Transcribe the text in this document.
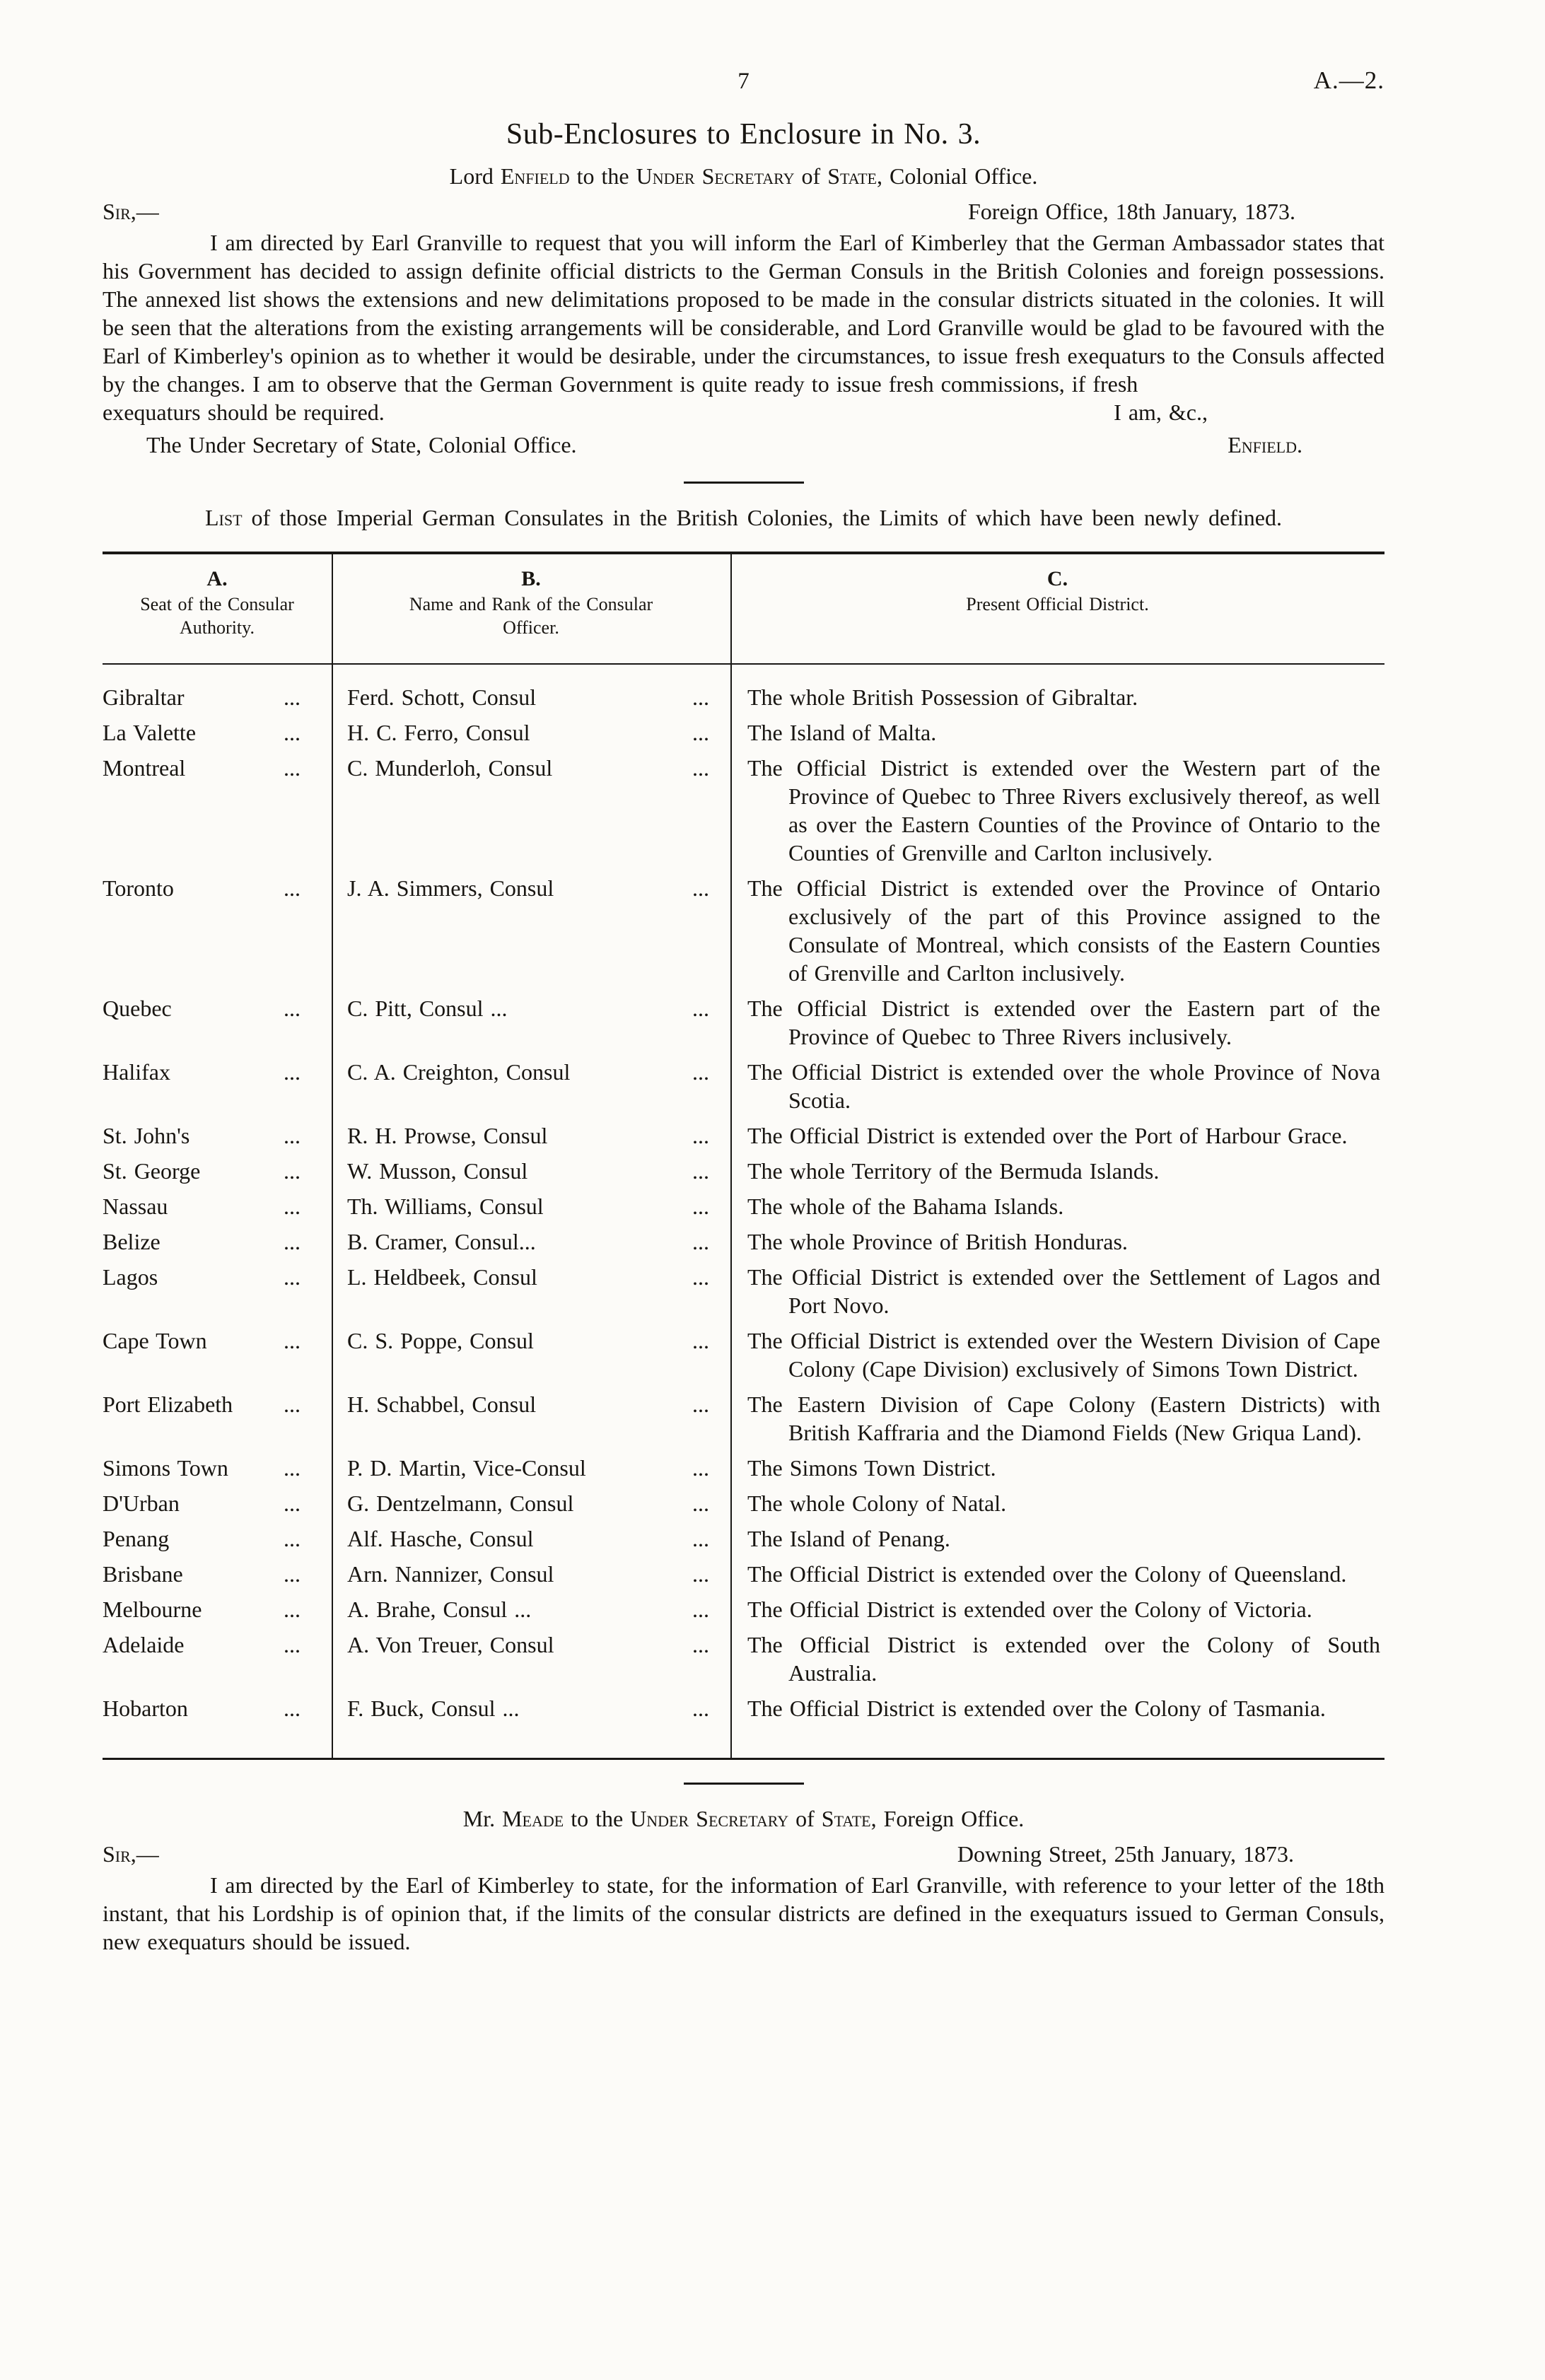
7	A.—2.
Sub-Enclosures to Enclosure in No. 3.
Lord Enfield to the Under Secretary of State, Colonial Office.
Sir,—	Foreign Office, 18th January, 1873.

I am directed by Earl Granville to request that you will inform the Earl of Kimberley that the German Ambassador states that his Government has decided to assign definite official districts to the German Consuls in the British Colonies and foreign possessions. The annexed list shows the extensions and new delimitations proposed to be made in the consular districts situated in the colonies. It will be seen that the alterations from the existing arrangements will be considerable, and Lord Granville would be glad to be favoured with the Earl of Kimberley's opinion as to whether it would be desirable, under the circumstances, to issue fresh exequaturs to the Consuls affected by the changes. I am to observe that the German Government is quite ready to issue fresh commissions, if fresh

exequaturs should be required.	I am, &c.,
The Under Secretary of State, Colonial Office.	Enfield.
List of those Imperial German Consulates in the British Colonies, the Limits of which have been newly defined.
A.
Seat of the Consular Authority.
B.
Name and Rank of the Consular Officer.
C.
Present Official District.
Gibraltar	... Ferd. Schott, Consul	...	The whole British Possession of Gibraltar.
La Valette	... H. C. Ferro, Consul	...	The Island of Malta.
Montreal	... C. Munderloh, Consul	...	The Official District is extended over the Western part of the Province of Quebec to Three Rivers exclusively thereof, as well as over the Eastern Counties of the Province of Ontario to the Counties of Grenville and Carlton inclusively.
Toronto	... J. A. Simmers, Consul	...	The Official District is extended over the Province of Ontario exclusively of the part of this Province assigned to the Consulate of Montreal, which consists of the Eastern Counties of Grenville and Carlton inclusively.
Quebec	... C. Pitt, Consul ...	...	The Official District is extended over the Eastern part of the Province of Quebec to Three Rivers inclusively.
Halifax	... C. A. Creighton, Consul	...	The Official District is extended over the whole Province of Nova Scotia.
St. John's	... R. H. Prowse, Consul	...	The Official District is extended over the Port of Harbour Grace.
St. George	... W. Musson, Consul	...	The whole Territory of the Bermuda Islands.
Nassau	... Th. Williams, Consul	...	The whole of the Bahama Islands.
Belize	... B. Cramer, Consul...	...	The whole Province of British Honduras.
Lagos	... L. Heldbeek, Consul	...	The Official District is extended over the Settlement of Lagos and Port Novo.
Cape Town	... C. S. Poppe, Consul	...	The Official District is extended over the Western Division of Cape Colony (Cape Division) exclusively of Simons Town District.
Port Elizabeth ... H. Schabbel, Consul	...	The Eastern Division of Cape Colony (Eastern Districts) with British Kaffraria and the Diamond Fields (New Griqua Land).
Simons Town ... P. D. Martin, Vice-Consul	...	The Simons Town District.
D'Urban	... G. Dentzelmann, Consul	...	The whole Colony of Natal.
Penang	... Alf. Hasche, Consul	...	The Island of Penang.
Brisbane	... Arn. Nannizer, Consul	...	The Official District is extended over the Colony of Queensland.
Melbourne	... A. Brahe, Consul ...	...	The Official District is extended over the Colony of Victoria.
Adelaide	... A. Von Treuer, Consul	...	The Official District is extended over the Colony of South Australia.
Hobarton	... F. Buck, Consul ...	...	The Official District is extended over the Colony of Tasmania.
Mr. Meade to the Under Secretary of State, Foreign Office.
Sir,—	Downing Street, 25th January, 1873.

I am directed by the Earl of Kimberley to state, for the information of Earl Granville, with reference to your letter of the 18th instant, that his Lordship is of opinion that, if the limits of the consular districts are defined in the exequaturs issued to German Consuls, new exequaturs should be issued.
